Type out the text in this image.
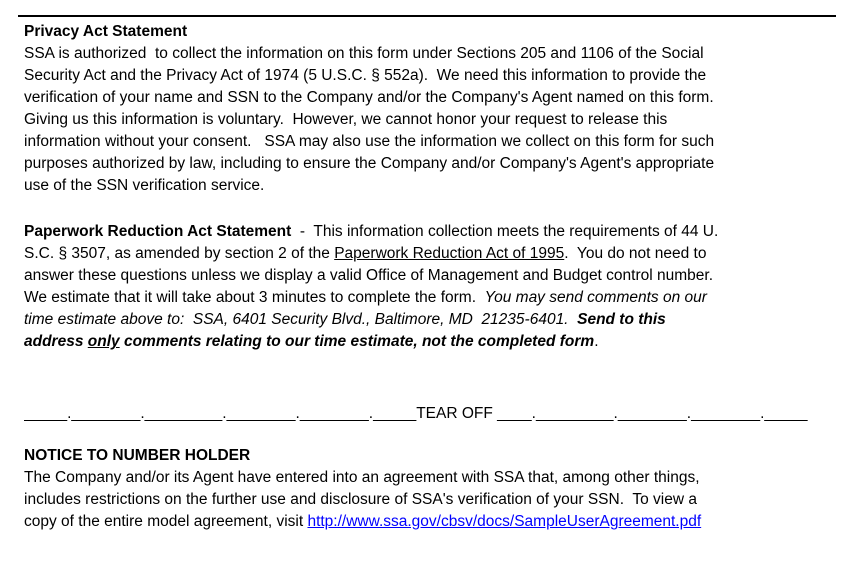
Privacy Act Statement
SSA is authorized  to collect the information on this form under Sections 205 and 1106 of the Social
Security Act and the Privacy Act of 1974 (5 U.S.C. § 552a).  We need this information to provide the
verification of your name and SSN to the Company and/or the Company's Agent named on this form.
Giving us this information is voluntary.  However, we cannot honor your request to release this
information without your consent.   SSA may also use the information we collect on this form for such
purposes authorized by law, including to ensure the Company and/or Company's Agent's appropriate
use of the SSN verification service.
Paperwork Reduction Act Statement  -  This information collection meets the requirements of 44 U.
S.C. § 3507, as amended by section 2 of the Paperwork Reduction Act of 1995.  You do not need to
answer these questions unless we display a valid Office of Management and Budget control number.
We estimate that it will take about 3 minutes to complete the form.  You may send comments on our
time estimate above to:  SSA, 6401 Security Blvd., Baltimore, MD  21235-6401.  Send to this
address only comments relating to our time estimate, not the completed form.
_____.________._________.________.________._____TEAR OFF ____._________.________.________._____
NOTICE TO NUMBER HOLDER
The Company and/or its Agent have entered into an agreement with SSA that, among other things,
includes restrictions on the further use and disclosure of SSA's verification of your SSN.  To view a
copy of the entire model agreement, visit http://www.ssa.gov/cbsv/docs/SampleUserAgreement.pdf
